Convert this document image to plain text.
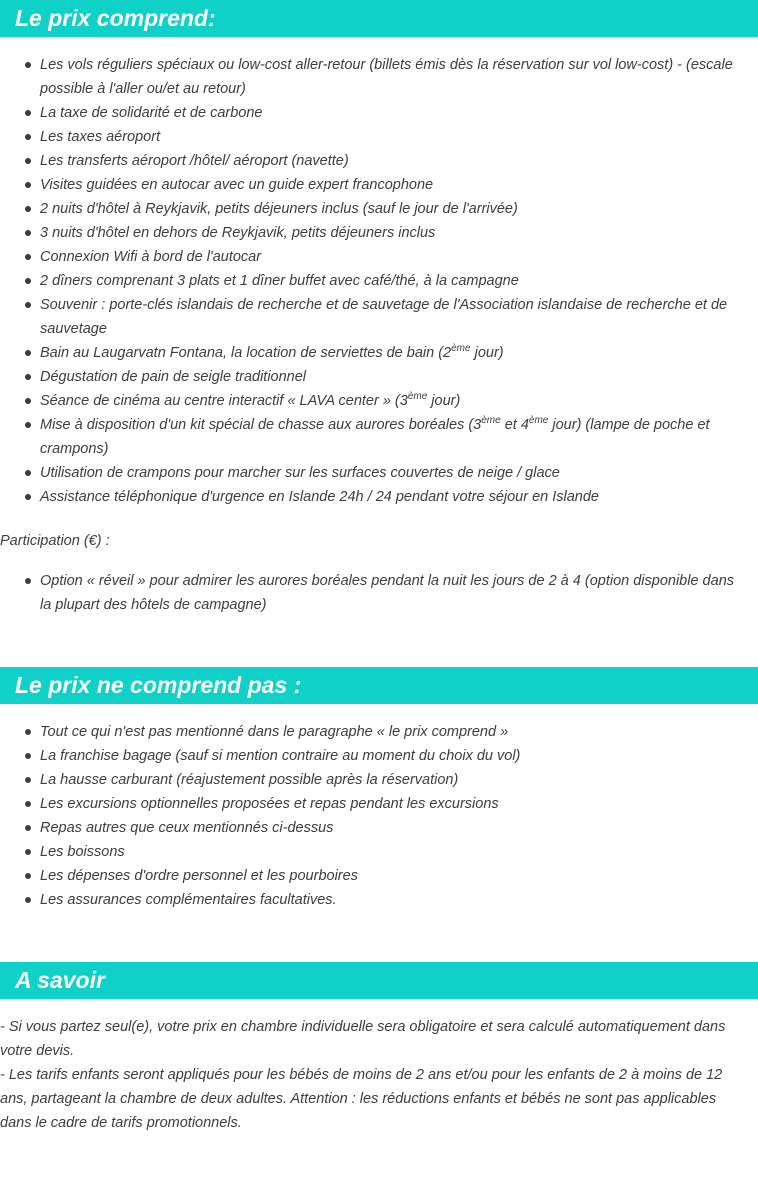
Le prix comprend:
Les vols réguliers spéciaux ou low-cost aller-retour (billets émis dès la réservation sur vol low-cost) - (escale possible à l'aller ou/et au retour)
La taxe de solidarité et de carbone
Les taxes aéroport
Les transferts aéroport /hôtel/ aéroport (navette)
Visites guidées en autocar avec un guide expert francophone
2 nuits d'hôtel à Reykjavik, petits déjeuners inclus (sauf le jour de l'arrivée)
3 nuits d'hôtel en dehors de Reykjavik, petits déjeuners inclus
Connexion Wifi à bord de l'autocar
2 dîners comprenant 3 plats et 1 dîner buffet avec café/thé, à la campagne
Souvenir : porte-clés islandais de recherche et de sauvetage de l'Association islandaise de recherche et de sauvetage
Bain au Laugarvatn Fontana, la location de serviettes de bain (2ème jour)
Dégustation de pain de seigle traditionnel
Séance de cinéma au centre interactif « LAVA center » (3ème jour)
Mise à disposition d'un kit spécial de chasse aux aurores boréales (3ème et 4ème jour) (lampe de poche et crampons)
Utilisation de crampons pour marcher sur les surfaces couvertes de neige / glace
Assistance téléphonique d'urgence en Islande 24h / 24 pendant votre séjour en Islande
Participation (€) :
Option « réveil » pour admirer les aurores boréales pendant la nuit les jours de 2 à 4 (option disponible dans la plupart des hôtels de campagne)
Le prix ne comprend pas :
Tout ce qui n'est pas mentionné dans le paragraphe « le prix comprend »
La franchise bagage (sauf si mention contraire au moment du choix du vol)
La hausse carburant (réajustement possible après la réservation)
Les excursions optionnelles proposées et repas pendant les excursions
Repas autres que ceux mentionnés ci-dessus
Les boissons
Les dépenses d'ordre personnel et les pourboires
Les assurances complémentaires facultatives.
A savoir
- Si vous partez seul(e), votre prix en chambre individuelle sera obligatoire et sera calculé automatiquement dans votre devis.
- Les tarifs enfants seront appliqués pour les bébés de moins de 2 ans et/ou pour les enfants de 2 à moins de 12 ans, partageant la chambre de deux adultes. Attention : les réductions enfants et bébés ne sont pas applicables dans le cadre de tarifs promotionnels.
